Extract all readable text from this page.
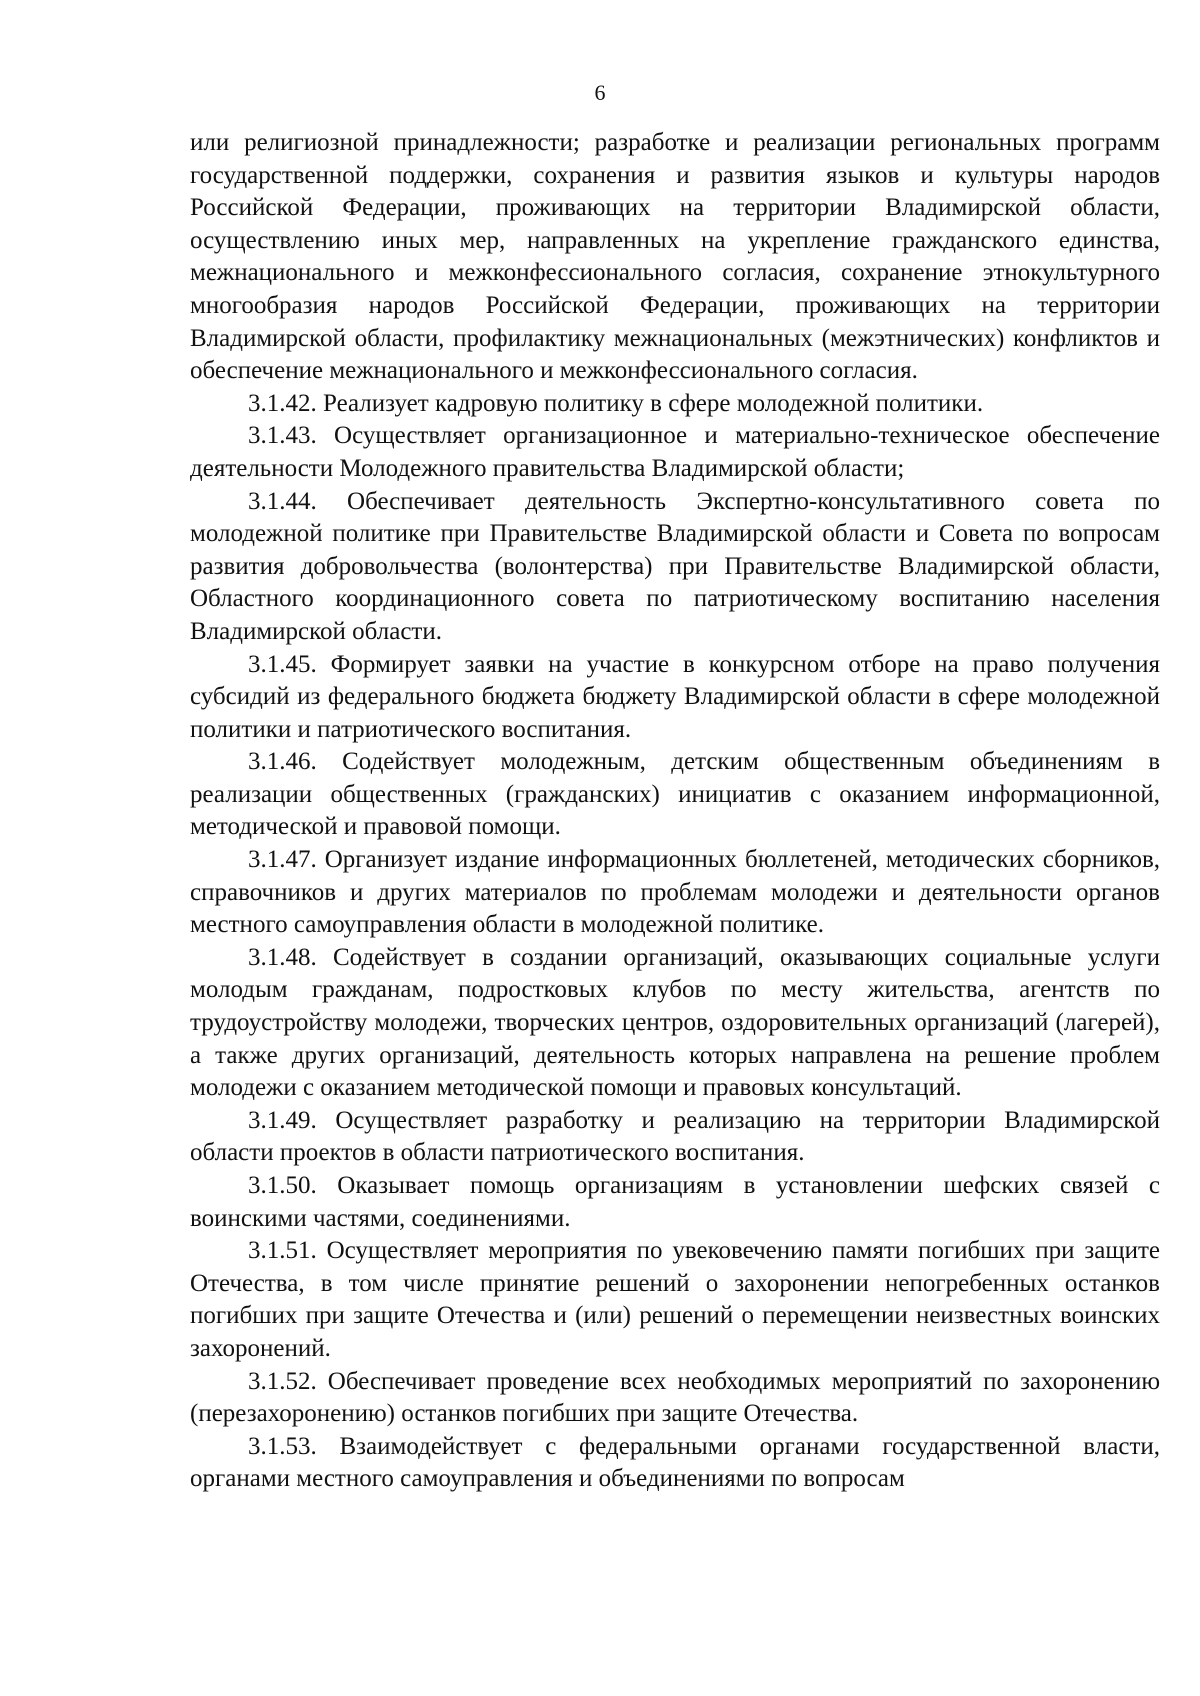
6

или религиозной принадлежности; разработке и реализации региональных программ государственной поддержки, сохранения и развития языков и культуры народов Российской Федерации, проживающих на территории Владимирской области, осуществлению иных мер, направленных на укрепление гражданского единства, межнационального и межконфессионального согласия, сохранение этнокультурного многообразия народов Российской Федерации, проживающих на территории Владимирской области, профилактику межнациональных (межэтнических) конфликтов и обеспечение межнационального и межконфессионального согласия.

3.1.42. Реализует кадровую политику в сфере молодежной политики.

3.1.43. Осуществляет организационное и материально-техническое обеспечение деятельности Молодежного правительства Владимирской области;

3.1.44. Обеспечивает деятельность Экспертно-консультативного совета по молодежной политике при Правительстве Владимирской области и Совета по вопросам развития добровольчества (волонтерства) при Правительстве Владимирской области, Областного координационного совета по патриотическому воспитанию населения Владимирской области.

3.1.45. Формирует заявки на участие в конкурсном отборе на право получения субсидий из федерального бюджета бюджету Владимирской области в сфере молодежной политики и патриотического воспитания.

3.1.46. Содействует молодежным, детским общественным объединениям в реализации общественных (гражданских) инициатив с оказанием информационной, методической и правовой помощи.

3.1.47. Организует издание информационных бюллетеней, методических сборников, справочников и других материалов по проблемам молодежи и деятельности органов местного самоуправления области в молодежной политике.

3.1.48. Содействует в создании организаций, оказывающих социальные услуги молодым гражданам, подростковых клубов по месту жительства, агентств по трудоустройству молодежи, творческих центров, оздоровительных организаций (лагерей), а также других организаций, деятельность которых направлена на решение проблем молодежи с оказанием методической помощи и правовых консультаций.

3.1.49. Осуществляет разработку и реализацию на территории Владимирской области проектов в области патриотического воспитания.

3.1.50. Оказывает помощь организациям в установлении шефских связей с воинскими частями, соединениями.

3.1.51. Осуществляет мероприятия по увековечению памяти погибших при защите Отечества, в том числе принятие решений о захоронении непогребенных останков погибших при защите Отечества и (или) решений о перемещении неизвестных воинских захоронений.

3.1.52. Обеспечивает проведение всех необходимых мероприятий по захоронению (перезахоронению) останков погибших при защите Отечества.

3.1.53. Взаимодействует с федеральными органами государственной власти, органами местного самоуправления и объединениями по вопросам
